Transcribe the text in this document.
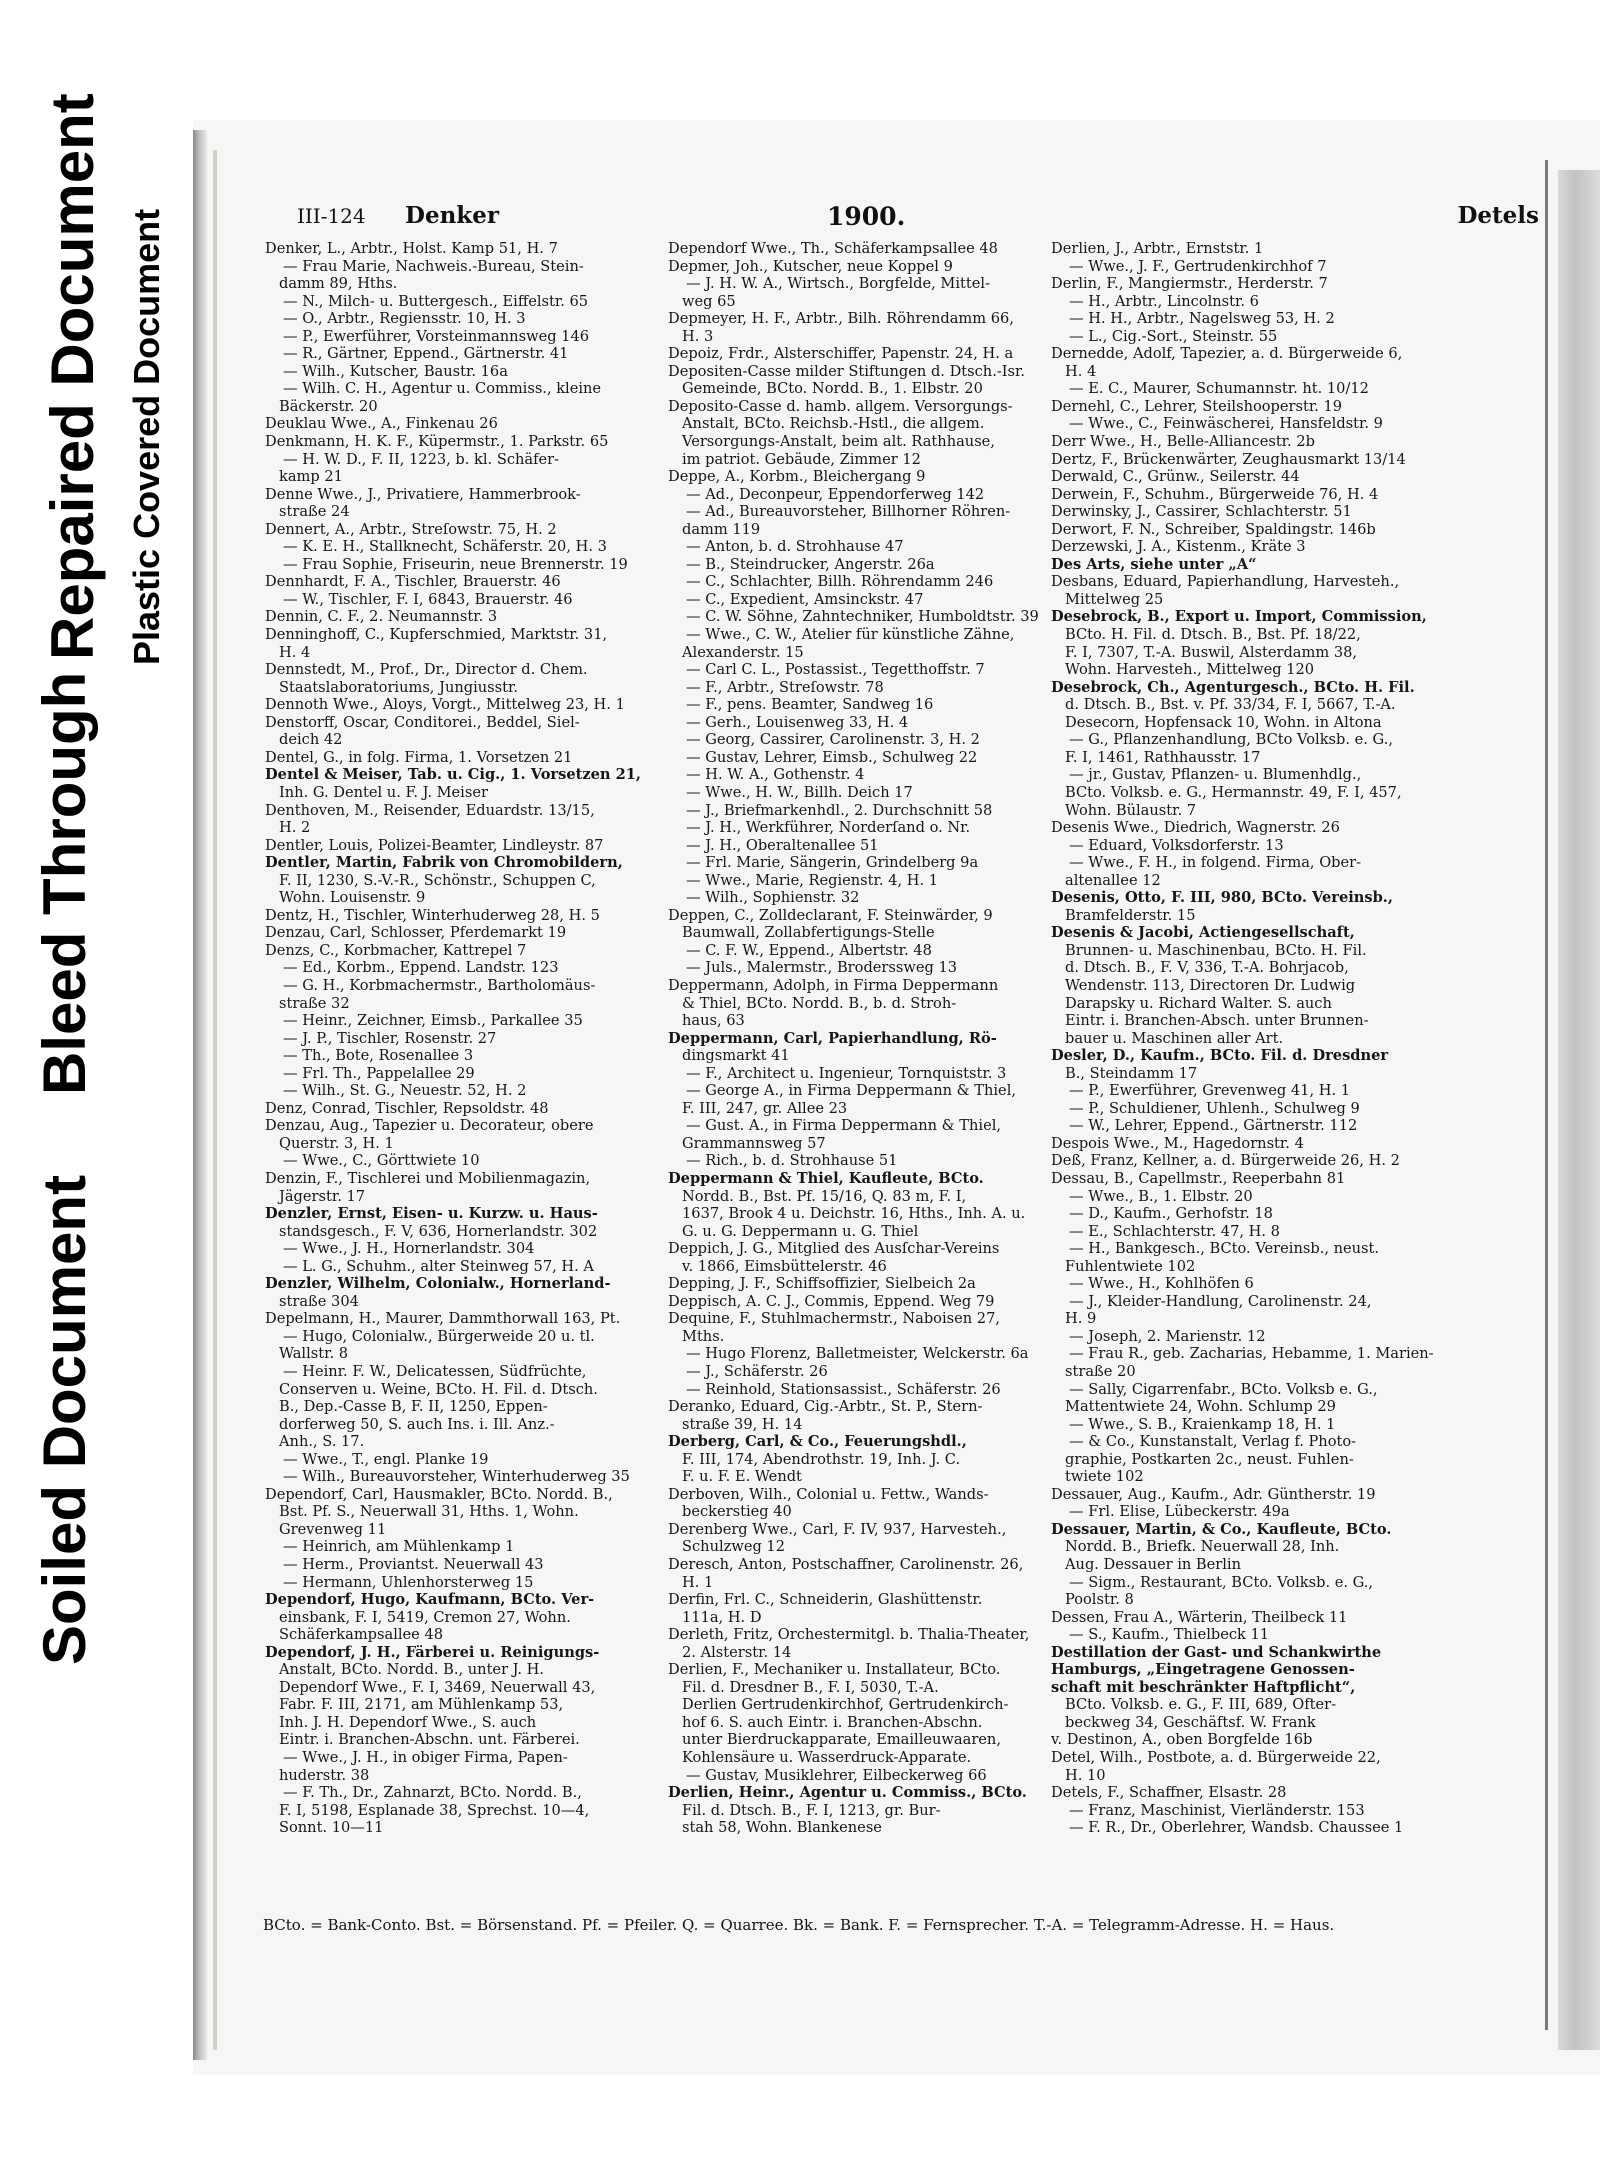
Soiled Document
Bleed Through
Repaired Document Plastic Covered Document	III-124 Denker	1900.	Detels

Denker, L., Arbtr., Holst. Kamp 51, H. 7

— Frau Marie, Nachweis.-Bureau, Stein-

damm 89, Hths.

— N., Milch- u. Buttergesch., Eiffelstr. 65

— O., Arbtr., Regiensstr. 10, H. 3

— P., Ewerführer, Vorsteinmannsweg 146

— R., Gärtner, Eppend., Gärtnerstr. 41

— Wilh., Kutscher, Baustr. 16a

— Wilh. C. H., Agentur u. Commiss., kleine

Bäckerstr. 20

Deuklau Wwe., A., Finkenau 26

Denkmann, H. K. F., Küpermstr., 1. Parkstr. 65

— H. W. D., F. II, 1223, b. kl. Schäfer-

kamp 21

Denne Wwe., J., Privatiere, Hammerbrook-

straße 24

Dennert, A., Arbtr., Streſowstr. 75, H. 2

— K. E. H., Stallknecht, Schäferstr. 20, H. 3

— Frau Sophie, Friseurin, neue Brennerstr. 19

Dennhardt, F. A., Tischler, Brauerstr. 46

— W., Tischler, F. I, 6843, Brauerstr. 46

Dennin, C. F., 2. Neumannstr. 3

Denninghoff, C., Kupferschmied, Marktstr. 31,

H. 4

Dennstedt, M., Prof., Dr., Director d. Chem.

Staatslaboratoriums, Jungiusstr.

Dennoth Wwe., Aloys, Vorgt., Mittelweg 23, H. 1

Denstorff, Oscar, Conditorei., Beddel, Siel-

deich 42

Dentel, G., in folg. Firma, 1. Vorsetzen 21

Dentel & Meiser, Tab. u. Cig., 1. Vorsetzen 21,

Inh. G. Dentel u. F. J. Meiser

Denthoven, M., Reisender, Eduardstr. 13/15,

H. 2

Dentler, Louis, Polizei-Beamter, Lindleystr. 87

Dentler, Martin, Fabrik von Chromobildern,

F. II, 1230, S.-V.-R., Schönstr., Schuppen C,

Wohn. Louisenstr. 9

Dentz, H., Tischler, Winterhuderweg 28, H. 5

Denzau, Carl, Schlosser, Pferdemarkt 19

Denzs, C., Korbmacher, Kattrepel 7

— Ed., Korbm., Eppend. Landstr. 123

— G. H., Korbmachermstr., Bartholomäus-

straße 32

— Heinr., Zeichner, Eimsb., Parkallee 35

— J. P., Tischler, Rosenstr. 27

— Th., Bote, Rosenallee 3

— Frl. Th., Pappelallee 29

— Wilh., St. G., Neuestr. 52, H. 2

Denz, Conrad, Tischler, Repsoldstr. 48

Denzau, Aug., Tapezier u. Decorateur, obere

Querstr. 3, H. 1

— Wwe., C., Görttwiete 10

Denzin, F., Tischlerei und Mobilienmagazin,

Jägerstr. 17

Denzler, Ernst, Eisen- u. Kurzw. u. Haus-

standsgesch., F. V, 636, Hornerlandstr. 302

— Wwe., J. H., Hornerlandstr. 304

— L. G., Schuhm., alter Steinweg 57, H. A

Denzler, Wilhelm, Colonialw., Hornerland-

straße 304

Depelmann, H., Maurer, Dammthorwall 163, Pt.

— Hugo, Colonialw., Bürgerweide 20 u. tl.

Wallstr. 8

— Heinr. F. W., Delicatessen, Südfrüchte,

Conserven u. Weine, BCto. H. Fil. d. Dtsch.

B., Dep.-Casse B, F. II, 1250, Eppen-

dorferweg 50, S. auch Ins. i. Ill. Anz.-

Anh., S. 17.

— Wwe., T., engl. Planke 19

— Wilh., Bureauvorsteher, Winterhuderweg 35

Dependorf, Carl, Hausmakler, BCto. Nordd. B.,

Bst. Pf. S., Neuerwall 31, Hths. 1, Wohn.

Grevenweg 11

— Heinrich, am Mühlenkamp 1

— Herm., Proviantst. Neuerwall 43

— Hermann, Uhlenhorsterweg 15

Dependorf, Hugo, Kaufmann, BCto. Ver-

einsbank, F. I, 5419, Cremon 27, Wohn.

Schäferkampsallee 48

Dependorf, J. H., Färberei u. Reinigungs-

Anstalt, BCto. Nordd. B., unter J. H.

Dependorf Wwe., F. I, 3469, Neuerwall 43,

Fabr. F. III, 2171, am Mühlenkamp 53,

Inh. J. H. Dependorf Wwe., S. auch

Eintr. i. Branchen-Abschn. unt. Färberei.

— Wwe., J. H., in obiger Firma, Papen-

huderstr. 38

— F. Th., Dr., Zahnarzt, BCto. Nordd. B.,

F. I, 5198, Esplanade 38, Sprechst. 10—4,

Sonnt. 10—11

Dependorf Wwe., Th., Schäferkampsallee 48

Depmer, Joh., Kutscher, neue Koppel 9

— J. H. W. A., Wirtsch., Borgfelde, Mittel-

weg 65

Depmeyer, H. F., Arbtr., Bilh. Röhrendamm 66,

H. 3

Depoiz, Frdr., Alsterschiffer, Papenstr. 24, H. a

Depositen-Casse milder Stiftungen d. Dtsch.-Isr.

Gemeinde, BCto. Nordd. B., 1. Elbstr. 20

Deposito-Casse d. hamb. allgem. Versorgungs-

Anstalt, BCto. Reichsb.-Hstl., die allgem.

Versorgungs-Anstalt, beim alt. Rathhause,

im patriot. Gebäude, Zimmer 12

Deppe, A., Korbm., Bleichergang 9

— Ad., Deconpeur, Eppendorferweg 142

— Ad., Bureauvorsteher, Billhorner Röhren-

damm 119

— Anton, b. d. Strohhause 47

— B., Steindrucker, Angerstr. 26a

— C., Schlachter, Billh. Röhrendamm 246

— C., Expedient, Amsinckstr. 47

— C. W. Söhne, Zahntechniker, Humboldtstr. 39

— Wwe., C. W., Atelier für künstliche Zähne,

Alexanderstr. 15

— Carl C. L., Postassist., Tegetthoffstr. 7

— F., Arbtr., Streſowstr. 78

— F., pens. Beamter, Sandweg 16

— Gerh., Louisenweg 33, H. 4

— Georg, Cassirer, Carolinenstr. 3, H. 2

— Gustav, Lehrer, Eimsb., Schulweg 22

— H. W. A., Gothenstr. 4

— Wwe., H. W., Billh. Deich 17

— J., Briefmarkenhdl., 2. Durchschnitt 58

— J. H., Werkführer, Norderſand o. Nr.

— J. H., Oberaltenallee 51

— Frl. Marie, Sängerin, Grindelberg 9a

— Wwe., Marie, Regienstr. 4, H. 1

— Wilh., Sophienstr. 32

Deppen, C., Zolldeclarant, F. Steinwärder, 9

Baumwall, Zollabfertigungs-Stelle

— C. F. W., Eppend., Albertstr. 48

— Juls., Malermstr., Broderssweg 13

Deppermann, Adolph, in Firma Deppermann

& Thiel, BCto. Nordd. B., b. d. Stroh-

haus, 63

Deppermann, Carl, Papierhandlung, Rö-

dingsmarkt 41

— F., Architect u. Ingenieur, Tornquiststr. 3

— George A., in Firma Deppermann & Thiel,

F. III, 247, gr. Allee 23

— Gust. A., in Firma Deppermann & Thiel,

Grammannsweg 57

— Rich., b. d. Strohhause 51

Deppermann & Thiel, Kaufleute, BCto.

Nordd. B., Bst. Pf. 15/16, Q. 83 m, F. I,

1637, Brook 4 u. Deichstr. 16, Hths., Inh. A. u.

G. u. G. Deppermann u. G. Thiel

Deppich, J. G., Mitglied des Ausſchar-Vereins

v. 1866, Eimsbüttelerstr. 46

Depping, J. F., Schiffsoffizier, Sielbeich 2a

Deppisch, A. C. J., Commis, Eppend. Weg 79

Dequine, F., Stuhlmachermstr., Naboisen 27,

Mths.

— Hugo Florenz, Balletmeister, Welckerstr. 6a

— J., Schäferstr. 26

— Reinhold, Stationsassist., Schäferstr. 26

Deranko, Eduard, Cig.-Arbtr., St. P., Stern-

straße 39, H. 14

Derberg, Carl, & Co., Feuerungshdl.,

F. III, 174, Abendrothstr. 19, Inh. J. C.

F. u. F. E. Wendt

Derboven, Wilh., Colonial u. Fettw., Wands-

beckerstieg 40

Derenberg Wwe., Carl, F. IV, 937, Harvesteh.,

Schulzweg 12

Deresch, Anton, Postschaffner, Carolinenstr. 26,

H. 1

Derfin, Frl. C., Schneiderin, Glashüttenstr.

111a, H. D

Derleth, Fritz, Orchestermitgl. b. Thalia-Theater,

2. Alsterstr. 14

Derlien, F., Mechaniker u. Installateur, BCto.

Fil. d. Dresdner B., F. I, 5030, T.-A.

Derlien Gertrudenkirchhof, Gertrudenkirch-

hof 6. S. auch Eintr. i. Branchen-Abschn.

unter Bierdruckapparate, Emailleuwaaren,

Kohlensäure u. Wasserdruck-Apparate.

— Gustav, Musiklehrer, Eilbeckerweg 66

Derlien, Heinr., Agentur u. Commiss., BCto.

Fil. d. Dtsch. B., F. I, 1213, gr. Bur-

stah 58, Wohn. Blankenese

Derlien, J., Arbtr., Ernststr. 1

— Wwe., J. F., Gertrudenkirchhof 7

Derlin, F., Mangiermstr., Herderstr. 7

— H., Arbtr., Lincolnstr. 6

— H. H., Arbtr., Nagelsweg 53, H. 2

— L., Cig.-Sort., Steinstr. 55

Dernedde, Adolf, Tapezier, a. d. Bürgerweide 6,

H. 4

— E. C., Maurer, Schumannstr. ht. 10/12

Dernehl, C., Lehrer, Steilshooperstr. 19

— Wwe., C., Feinwäscherei, Hansfeldstr. 9

Derr Wwe., H., Belle-Alliancestr. 2b

Dertz, F., Brückenwärter, Zeughausmarkt 13/14

Derwald, C., Grünw., Seilerstr. 44

Derwein, F., Schuhm., Bürgerweide 76, H. 4

Derwinsky, J., Cassirer, Schlachterstr. 51

Derwort, F. N., Schreiber, Spaldingstr. 146b

Derzewski, J. A., Kistenm., Kräte 3

Des Arts, siehe unter „A“

Desbans, Eduard, Papierhandlung, Harvesteh.,

Mittelweg 25

Desebrock, B., Export u. Import, Commission,

BCto. H. Fil. d. Dtsch. B., Bst. Pf. 18/22,

F. I, 7307, T.-A. Buswil, Alsterdamm 38,

Wohn. Harvesteh., Mittelweg 120

Desebrock, Ch., Agenturgesch., BCto. H. Fil.

d. Dtsch. B., Bst. v. Pf. 33/34, F. I, 5667, T.-A.

Desecorn, Hopfensack 10, Wohn. in Altona

— G., Pflanzenhandlung, BCto Volksb. e. G.,

F. I, 1461, Rathhausstr. 17

— jr., Gustav, Pflanzen- u. Blumenhdlg.,

BCto. Volksb. e. G., Hermannstr. 49, F. I, 457,

Wohn. Bülaustr. 7

Desenis Wwe., Diedrich, Wagnerstr. 26

— Eduard, Volksdorferstr. 13

— Wwe., F. H., in folgend. Firma, Ober-

altenallee 12

Desenis, Otto, F. III, 980, BCto. Vereinsb.,

Bramfelderstr. 15

Desenis & Jacobi, Actiengesellschaft,

Brunnen- u. Maschinenbau, BCto. H. Fil.

d. Dtsch. B., F. V, 336, T.-A. Bohrjacob,

Wendenstr. 113, Directoren Dr. Ludwig

Darapsky u. Richard Walter. S. auch

Eintr. i. Branchen-Absch. unter Brunnen-

bauer u. Maschinen aller Art.

Desler, D., Kaufm., BCto. Fil. d. Dresdner

B., Steindamm 17

— P., Ewerführer, Grevenweg 41, H. 1

— P., Schuldiener, Uhlenh., Schulweg 9

— W., Lehrer, Eppend., Gärtnerstr. 112

Despois Wwe., M., Hagedornstr. 4

Deß, Franz, Kellner, a. d. Bürgerweide 26, H. 2

Dessau, B., Capellmstr., Reeperbahn 81

— Wwe., B., 1. Elbstr. 20

— D., Kaufm., Gerhofstr. 18

— E., Schlachterstr. 47, H. 8

— H., Bankgesch., BCto. Vereinsb., neust.

Fuhlentwiete 102

— Wwe., H., Kohlhöfen 6

— J., Kleider-Handlung, Carolinenstr. 24,

H. 9

— Joseph, 2. Marienstr. 12

— Frau R., geb. Zacharias, Hebamme, 1. Marien-

straße 20

— Sally, Cigarrenfabr., BCto. Volksb e. G.,

Mattentwiete 24, Wohn. Schlump 29

— Wwe., S. B., Kraienkamp 18, H. 1

— & Co., Kunstanstalt, Verlag f. Photo-

graphie, Postkarten 2c., neust. Fuhlen-

twiete 102

Dessauer, Aug., Kaufm., Adr. Güntherstr. 19

— Frl. Elise, Lübeckerstr. 49a

Dessauer, Martin, & Co., Kaufleute, BCto.

Nordd. B., Briefk. Neuerwall 28, Inh.

Aug. Dessauer in Berlin

— Sigm., Restaurant, BCto. Volksb. e. G.,

Poolstr. 8

Dessen, Frau A., Wärterin, Theilbeck 11

— S., Kaufm., Thielbeck 11

Destillation der Gast- und Schankwirthe

Hamburgs, „Eingetragene Genossen-

schaft mit beschränkter Haftpflicht“,

BCto. Volksb. e. G., F. III, 689, Ofter-

beckweg 34, Geschäftsf. W. Frank

v. Destinon, A., oben Borgfelde 16b

Detel, Wilh., Postbote, a. d. Bürgerweide 22,

H. 10

Detels, F., Schaffner, Elsastr. 28

— Franz, Maschinist, Vierländerstr. 153

— F. R., Dr., Oberlehrer, Wandsb. Chaussee 1

BCto. = Bank-Conto. Bst. = Börsenstand. Pf. = Pfeiler. Q. = Quarree. Bk. = Bank. F. = Fernsprecher. T.-A. = Telegramm-Adresse. H. = Haus.
